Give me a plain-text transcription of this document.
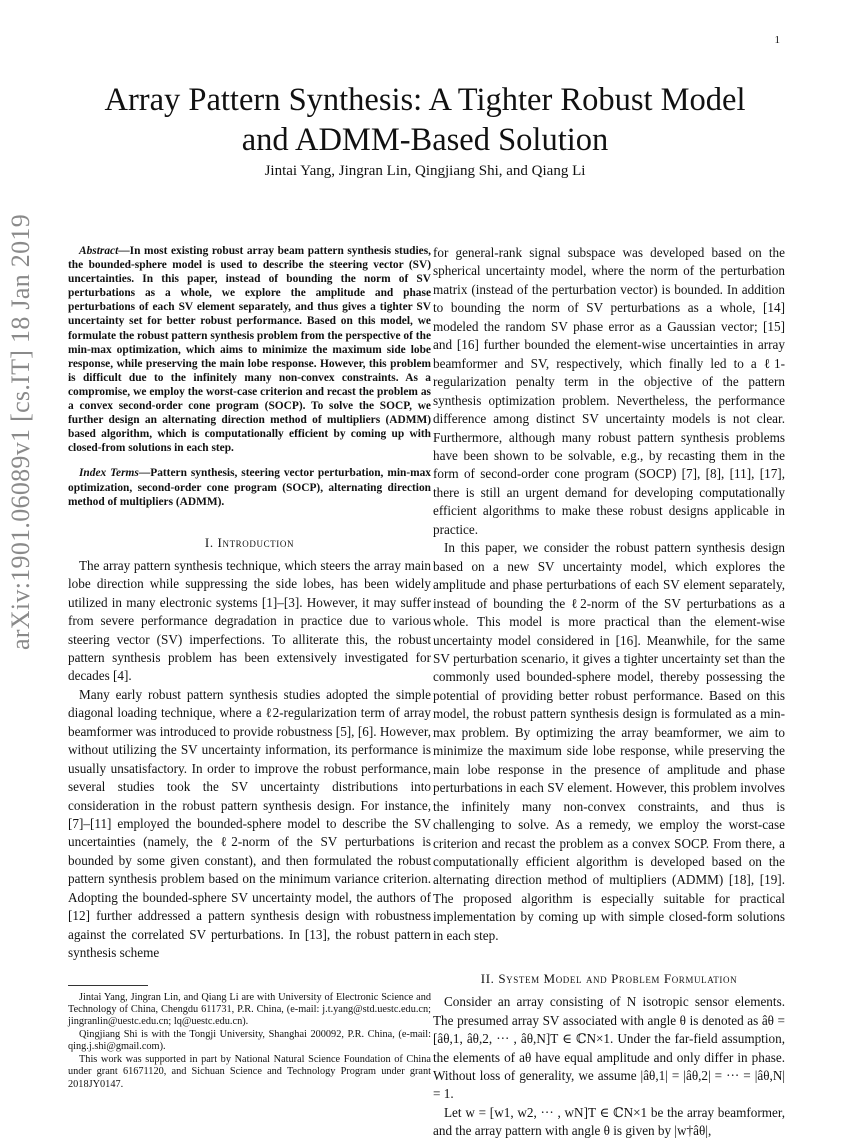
1
arXiv:1901.06089v1 [cs.IT] 18 Jan 2019
Array Pattern Synthesis: A Tighter Robust Model
and ADMM-Based Solution
Jintai Yang, Jingran Lin, Qingjiang Shi, and Qiang Li

Abstract—In most existing robust array beam pattern synthesis studies, the bounded-sphere model is used to describe the steering vector (SV) uncertainties. In this paper, instead of bounding the norm of SV perturbations as a whole, we explore the amplitude and phase perturbations of each SV element separately, and thus gives a tighter SV uncertainty set for better robust performance. Based on this model, we formulate the robust pattern synthesis problem from the perspective of the min-max optimization, which aims to minimize the maximum side lobe response, while preserving the main lobe response. However, this problem is difficult due to the infinitely many non-convex constraints. As a compromise, we employ the worst-case criterion and recast the problem as a convex second-order cone program (SOCP). To solve the SOCP, we further design an alternating direction method of multipliers (ADMM) based algorithm, which is computationally efficient by coming up with closed-from solutions in each step.

Index Terms—Pattern synthesis, steering vector perturbation, min-max optimization, second-order cone program (SOCP), alternating direction method of multipliers (ADMM).

I. Introduction

The array pattern synthesis technique, which steers the array main lobe direction while suppressing the side lobes, has been widely utilized in many electronic systems [1]–[3]. However, it may suffer from severe performance degradation in practice due to various steering vector (SV) imperfections. To alliterate this, the robust pattern synthesis problem has been extensively investigated for decades [4].

Many early robust pattern synthesis studies adopted the simple diagonal loading technique, where a ℓ2-regularization term of array beamformer was introduced to provide robustness [5], [6]. However, without utilizing the SV uncertainty information, its performance is usually unsatisfactory. In order to improve the robust performance, several studies took the SV uncertainty distributions into consideration in the robust pattern synthesis design. For instance, [7]–[11] employed the bounded-sphere model to describe the SV uncertainties (namely, the ℓ2-norm of the SV perturbations is bounded by some given constant), and then formulated the robust pattern synthesis problem based on the minimum variance criterion. Adopting the bounded-sphere SV uncertainty model, the authors of [12] further addressed a pattern synthesis design with robustness against the correlated SV perturbations. In [13], the robust pattern synthesis scheme

Jintai Yang, Jingran Lin, and Qiang Li are with University of Electronic Science and Technology of China, Chengdu 611731, P.R. China, (e-mail: j.t.yang@std.uestc.edu.cn; jingranlin@uestc.edu.cn; lq@uestc.edu.cn).

Qingjiang Shi is with the Tongji University, Shanghai 200092, P.R. China, (e-mail: qing.j.shi@gmail.com).

This work was supported in part by National Natural Science Foundation of China under grant 61671120, and Sichuan Science and Technology Program under grant 2018JY0147.

for general-rank signal subspace was developed based on the spherical uncertainty model, where the norm of the perturbation matrix (instead of the perturbation vector) is bounded. In addition to bounding the norm of SV perturbations as a whole, [14] modeled the random SV phase error as a Gaussian vector; [15] and [16] further bounded the element-wise uncertainties in array beamformer and SV, respectively, which finally led to a ℓ1-regularization penalty term in the objective of the pattern synthesis optimization problem. Nevertheless, the performance difference among distinct SV uncertainty models is not clear. Furthermore, although many robust pattern synthesis problems have been shown to be solvable, e.g., by recasting them in the form of second-order cone program (SOCP) [7], [8], [11], [17], there is still an urgent demand for developing computationally efficient algorithms to make these robust designs applicable in practice.

In this paper, we consider the robust pattern synthesis design based on a new SV uncertainty model, which explores the amplitude and phase perturbations of each SV element separately, instead of bounding the ℓ2-norm of the SV perturbations as a whole. This model is more practical than the element-wise uncertainty model considered in [16]. Meanwhile, for the same SV perturbation scenario, it gives a tighter uncertainty set than the commonly used bounded-sphere model, thereby possessing the potential of providing better robust performance. Based on this model, the robust pattern synthesis design is formulated as a min-max problem. By optimizing the array beamformer, we aim to minimize the maximum side lobe response, while preserving the main lobe response in the presence of amplitude and phase perturbations in each SV element. However, this problem involves the infinitely many non-convex constraints, and thus is challenging to solve. As a remedy, we employ the worst-case criterion and recast the problem as a convex SOCP. From there, a computationally efficient algorithm is developed based on the alternating direction method of multipliers (ADMM) [18], [19]. The proposed algorithm is especially suitable for practical implementation by coming up with simple closed-form solutions in each step.

II. System Model and Problem Formulation

Consider an array consisting of N isotropic sensor elements. The presumed array SV associated with angle θ is denoted as âθ = [âθ,1, âθ,2, ··· , âθ,N]T ∈ ℂN×1. Under the far-field assumption, the elements of aθ have equal amplitude and only differ in phase. Without loss of generality, we assume |âθ,1| = |âθ,2| = ··· = |âθ,N| = 1.

Let w = [w1, w2, ··· , wN]T ∈ ℂN×1 be the array beamformer, and the array pattern with angle θ is given by |w†âθ|,
